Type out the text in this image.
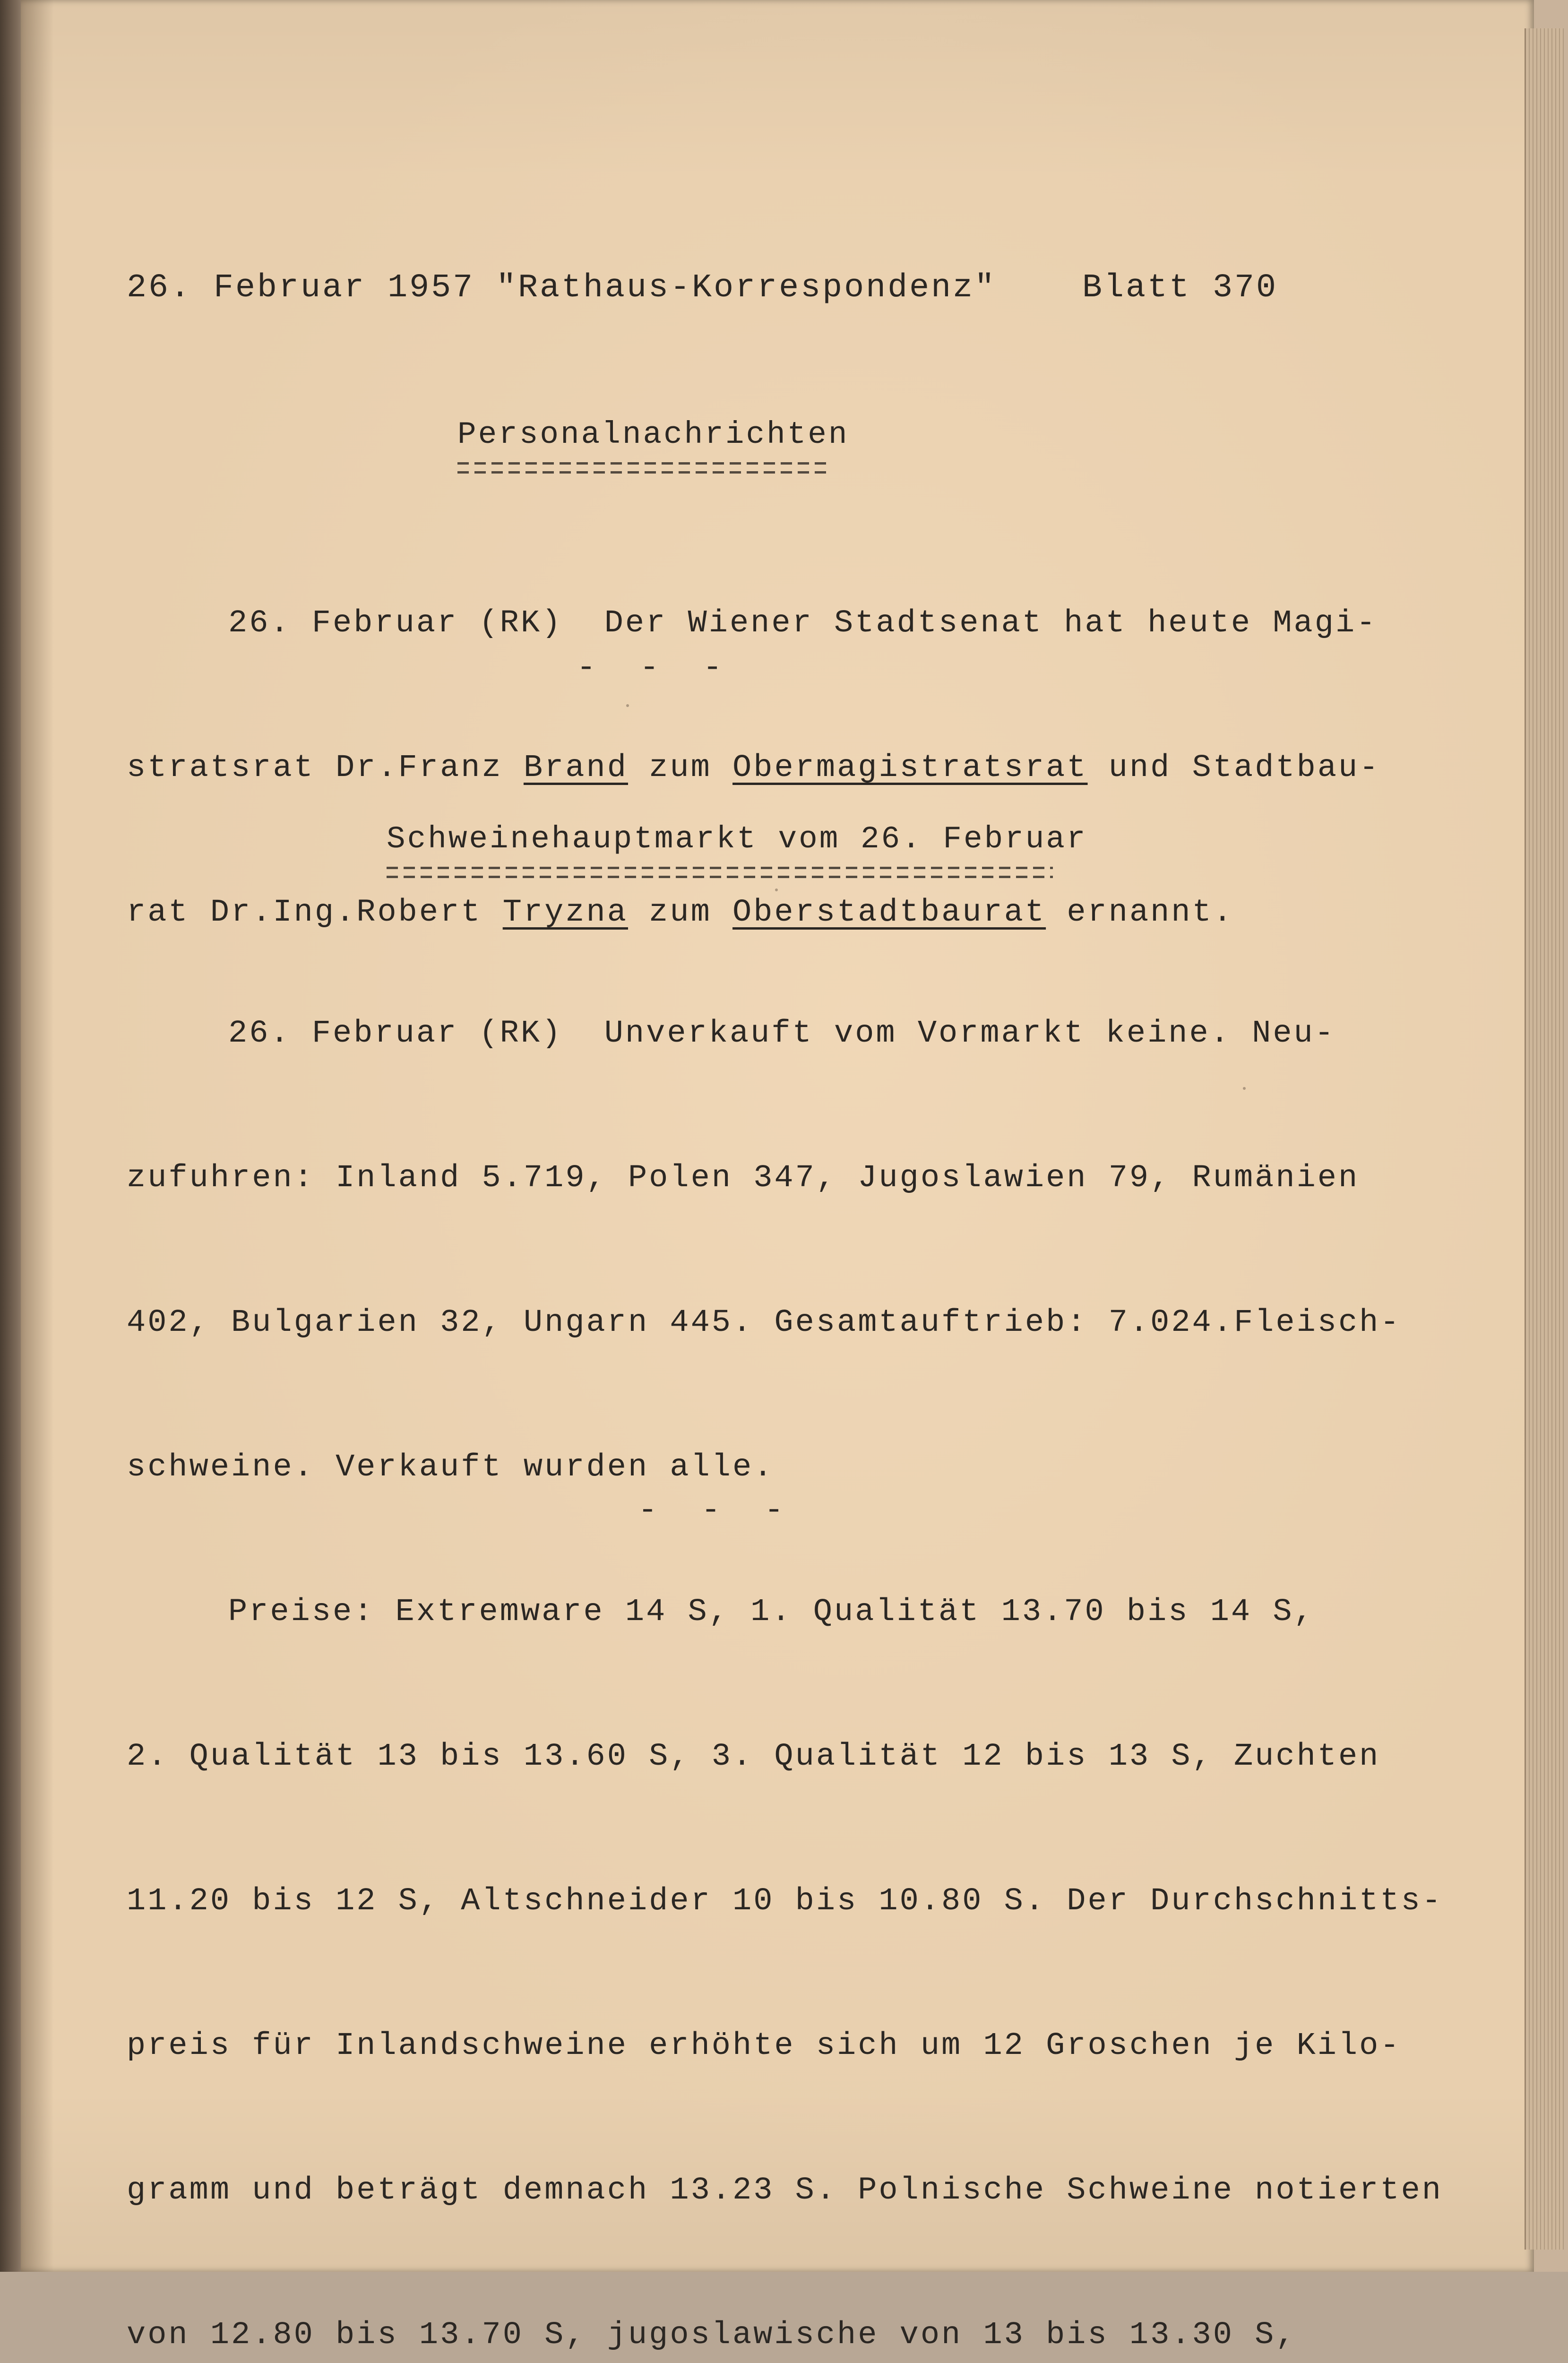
26. Februar 1957 "Rathaus-Korrespondenz"	Blatt 370
Personalnachrichten

26. Februar (RK)  Der Wiener Stadtsenat hat heute Magi-

stratsrat Dr.Franz Brand zum Obermagistratsrat und Stadtbau-

rat Dr.Ing.Robert Tryzna zum Oberstadtbaurat ernannt.

- - -
Schweinehauptmarkt vom 26. Februar

26. Februar (RK)  Unverkauft vom Vormarkt keine. Neu-

zufuhren: Inland 5.719, Polen 347, Jugoslawien 79, Rumänien

402, Bulgarien 32, Ungarn 445. Gesamtauftrieb: 7.024.Fleisch-

schweine. Verkauft wurden alle.

Preise: Extremware 14 S, 1. Qualität 13.70 bis 14 S,

2. Qualität 13 bis 13.60 S, 3. Qualität 12 bis 13 S, Zuchten

11.20 bis 12 S, Altschneider 10 bis 10.80 S. Der Durchschnitts-

preis für Inlandschweine erhöhte sich um 12 Groschen je Kilo-

gramm und beträgt demnach 13.23 S. Polnische Schweine notierten

von 12.80 bis 13.70 S, jugoslawische von 13 bis 13.30 S,

- - -
